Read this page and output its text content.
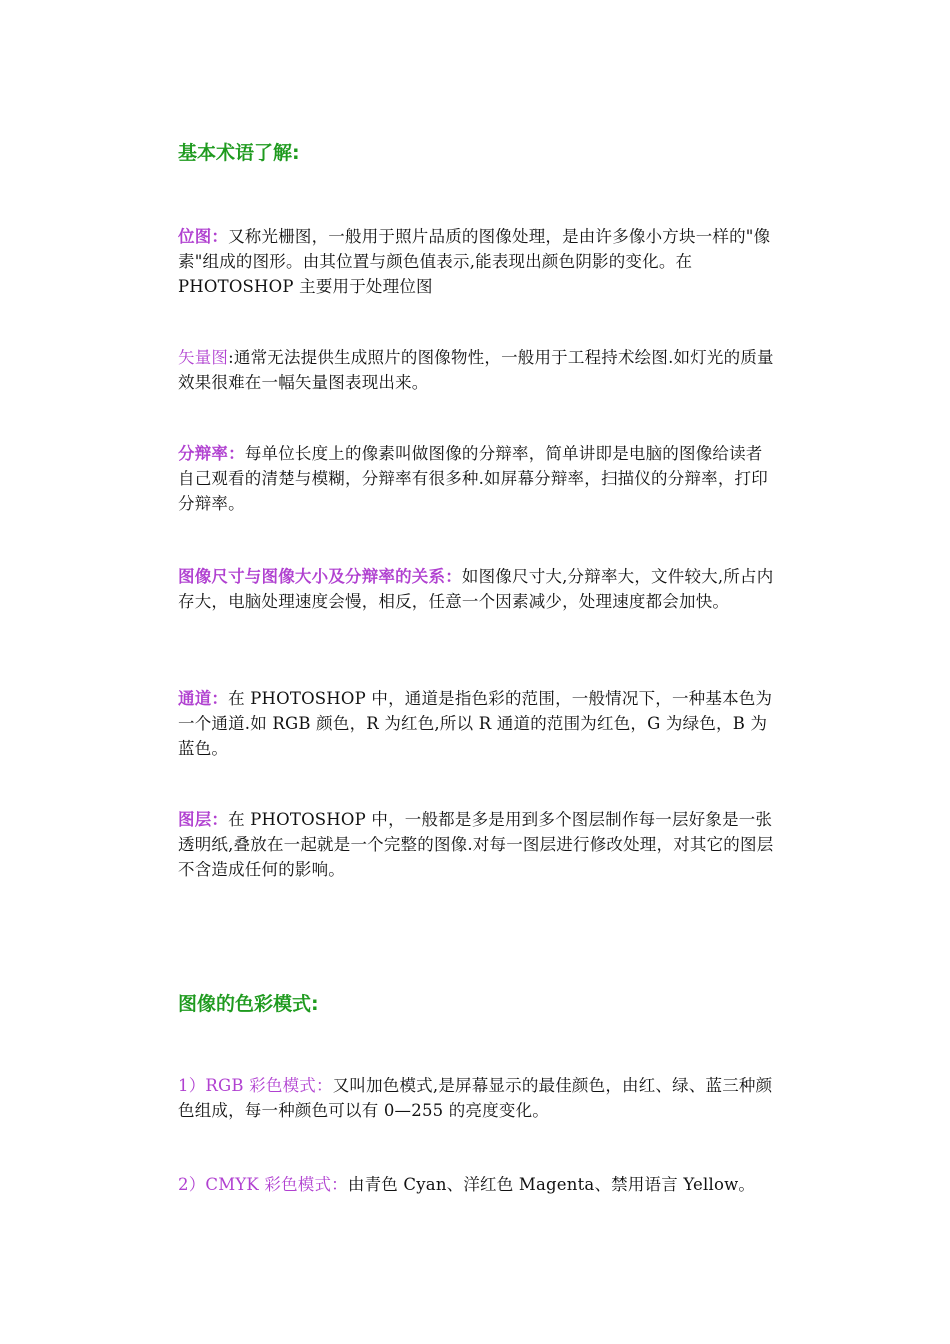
基本术语了解:

位图：又称光栅图，一般用于照片品质的图像处理，是由许多像小方块一样的"像素"组成的图形。由其位置与颜色值表示,能表现出颜色阴影的变化。在 PHOTOSHOP 主要用于处理位图

矢量图:通常无法提供生成照片的图像物性，一般用于工程持术绘图.如灯光的质量效果很难在一幅矢量图表现出来。

分辩率：每单位长度上的像素叫做图像的分辩率，简单讲即是电脑的图像给读者自己观看的清楚与模糊，分辩率有很多种.如屏幕分辩率，扫描仪的分辩率，打印分辩率。

图像尺寸与图像大小及分辩率的关系：如图像尺寸大,分辩率大，文件较大,所占内存大，电脑处理速度会慢，相反，任意一个因素减少，处理速度都会加快。

通道：在 PHOTOSHOP 中，通道是指色彩的范围，一般情况下，一种基本色为一个通道.如 RGB 颜色，R 为红色,所以 R 通道的范围为红色，G 为绿色，B 为蓝色。

图层：在 PHOTOSHOP 中，一般都是多是用到多个图层制作每一层好象是一张透明纸,叠放在一起就是一个完整的图像.对每一图层进行修改处理，对其它的图层不含造成任何的影响。

图像的色彩模式:

1）RGB 彩色模式：又叫加色模式,是屏幕显示的最佳颜色，由红、绿、蓝三种颜色组成，每一种颜色可以有 0—255 的亮度变化。

2）CMYK 彩色模式：由青色 Cyan、洋红色 Magenta、禁用语言 Yellow。
